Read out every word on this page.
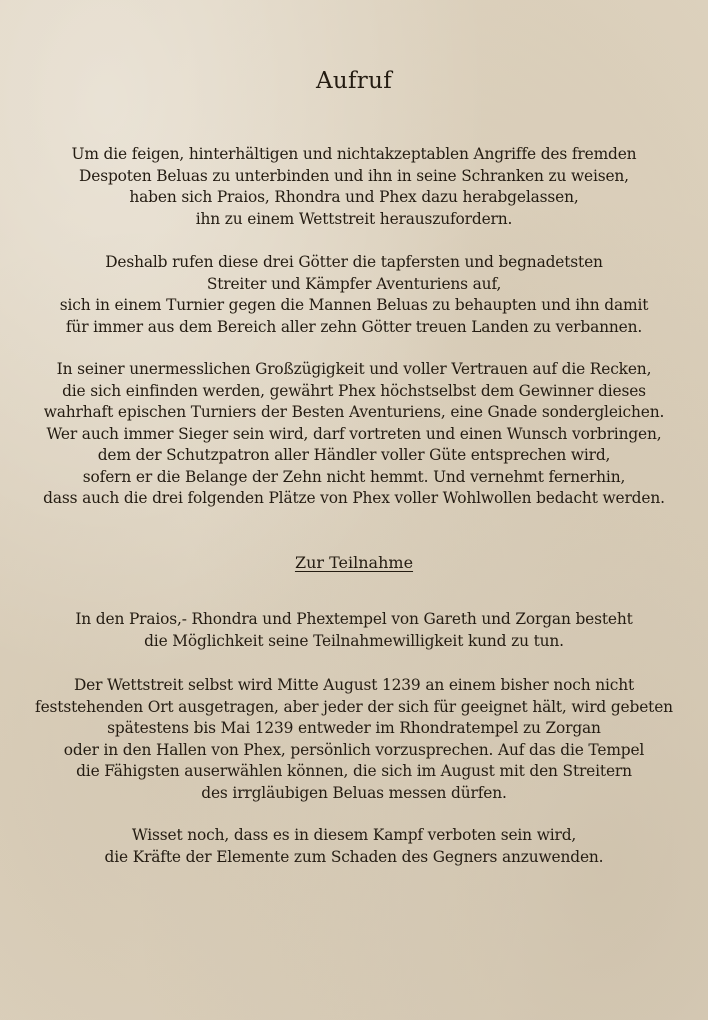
Aufruf
Um die feigen, hinterhältigen und nichtakzeptablen Angriffe des fremden
Despoten Beluas zu unterbinden und ihn in seine Schranken zu weisen,
haben sich Praios, Rhondra und Phex dazu herabgelassen,
ihn zu einem Wettstreit herauszufordern.
Deshalb rufen diese drei Götter die tapfersten und begnadetsten
Streiter und Kämpfer Aventuriens auf,
sich in einem Turnier gegen die Mannen Beluas zu behaupten und ihn damit
für immer aus dem Bereich aller zehn Götter treuen Landen zu verbannen.
In seiner unermesslichen Großzügigkeit und voller Vertrauen auf die Recken,
die sich einfinden werden, gewährt Phex höchstselbst dem Gewinner dieses
wahrhaft epischen Turniers der Besten Aventuriens, eine Gnade sondergleichen.
Wer auch immer Sieger sein wird, darf vortreten und einen Wunsch vorbringen,
dem der Schutzpatron aller Händler voller Güte entsprechen wird,
sofern er die Belange der Zehn nicht hemmt. Und vernehmt fernerhin,
dass auch die drei folgenden Plätze von Phex voller Wohlwollen bedacht werden.
Zur Teilnahme
In den Praios,- Rhondra und Phextempel von Gareth und Zorgan besteht
die Möglichkeit seine Teilnahmewilligkeit kund zu tun.
Der Wettstreit selbst wird Mitte August 1239 an einem bisher noch nicht
feststehenden Ort ausgetragen, aber jeder der sich für geeignet hält, wird gebeten
spätestens bis Mai 1239 entweder im Rhondratempel zu Zorgan
oder in den Hallen von Phex, persönlich vorzusprechen. Auf das die Tempel
die Fähigsten auserwählen können, die sich im August mit den Streitern
des irrgläubigen Beluas messen dürfen.
Wisset noch, dass es in diesem Kampf verboten sein wird,
die Kräfte der Elemente zum Schaden des Gegners anzuwenden.
